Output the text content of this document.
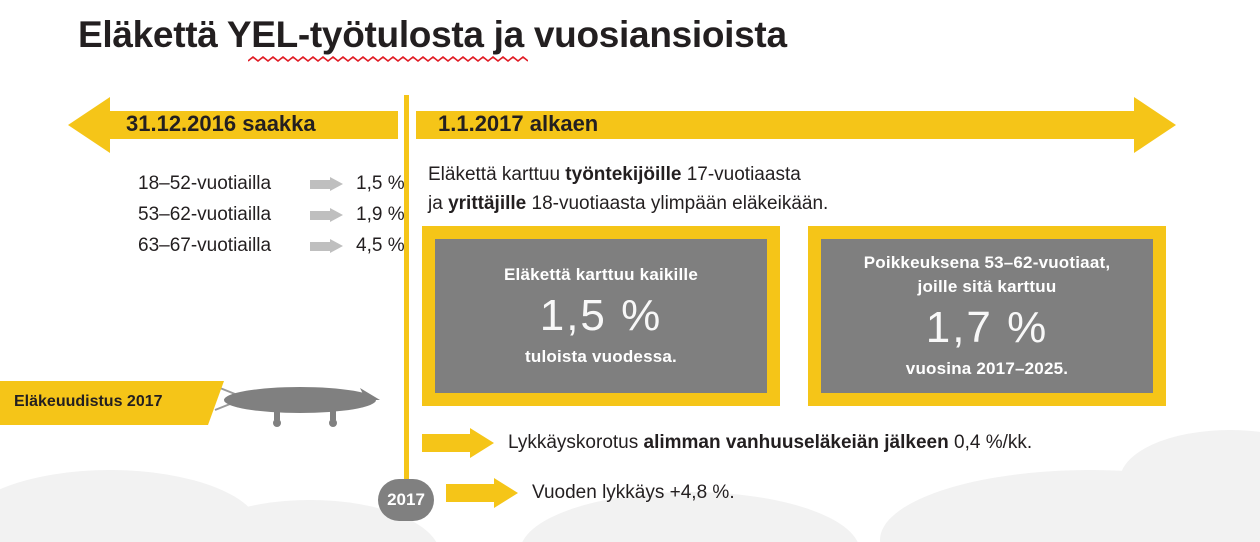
Eläkettä YEL-työtulosta ja vuosiansioista
31.12.2016 saakka
18–52-vuotiailla	1,5 %
53–62-vuotiailla	1,9 %
63–67-vuotiailla	4,5 %
2017
1.1.2017 alkaen
Eläkettä karttuu työntekijöille 17-vuotiaasta
ja yrittäjille 18-vuotiaasta ylimpään eläkeikään.
Eläkettä karttuu kaikille
1,5 %
tuloista vuodessa.
Poikkeuksena 53–62-vuotiaat,
joille sitä karttuu
1,7 %
vuosina 2017–2025.
Lykkäyskorotus alimman vanhuuseläkeiän jälkeen 0,4 %/kk.
Vuoden lykkäys +4,8 %.
Eläkeuudistus 2017
